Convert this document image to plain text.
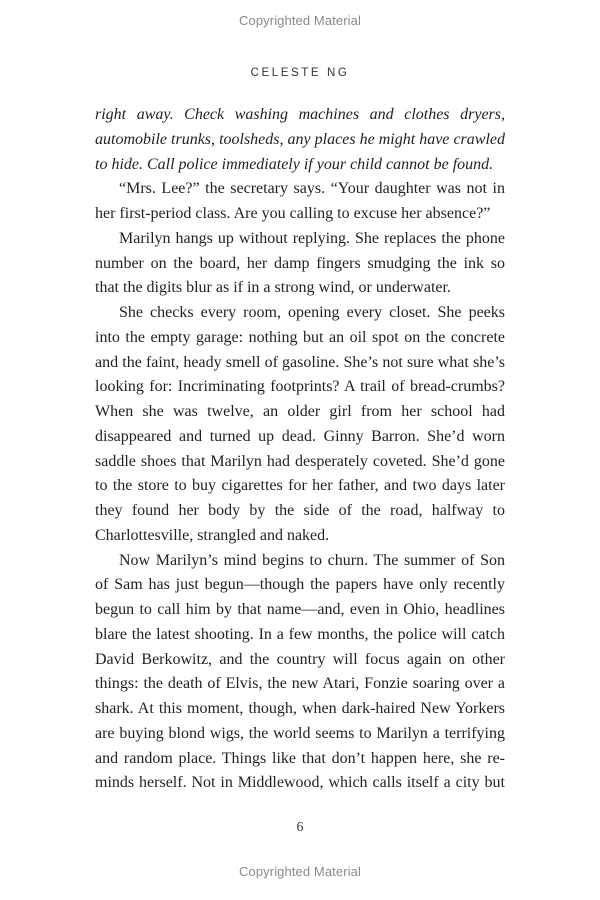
Copyrighted Material
CELESTE NG

right away. Check washing machines and clothes dryers, automobile trunks, toolsheds, any places he might have crawled to hide. Call police immediately if your child cannot be found.

“Mrs. Lee?” the secretary says. “Your daughter was not in her first-period class. Are you calling to excuse her absence?”

Marilyn hangs up without replying. She replaces the phone number on the board, her damp fingers smudging the ink so that the digits blur as if in a strong wind, or underwater.

She checks every room, opening every closet. She peeks into the empty garage: nothing but an oil spot on the concrete and the faint, heady smell of gasoline. She’s not sure what she’s looking for: Incriminating footprints? A trail of bread-crumbs? When she was twelve, an older girl from her school had disappeared and turned up dead. Ginny Barron. She’d worn saddle shoes that Marilyn had desperately coveted. She’d gone to the store to buy cigarettes for her father, and two days later they found her body by the side of the road, halfway to Charlottesville, strangled and naked.

Now Marilyn’s mind begins to churn. The summer of Son of Sam has just begun—though the papers have only recently begun to call him by that name—and, even in Ohio, headlines blare the latest shooting. In a few months, the police will catch David Berkowitz, and the country will focus again on other things: the death of Elvis, the new Atari, Fonzie soaring over a shark. At this moment, though, when dark-haired New Yorkers are buying blond wigs, the world seems to Marilyn a terrifying and random place. Things like that don’t happen here, she re-minds herself. Not in Middlewood, which calls itself a city but

6
Copyrighted Material
